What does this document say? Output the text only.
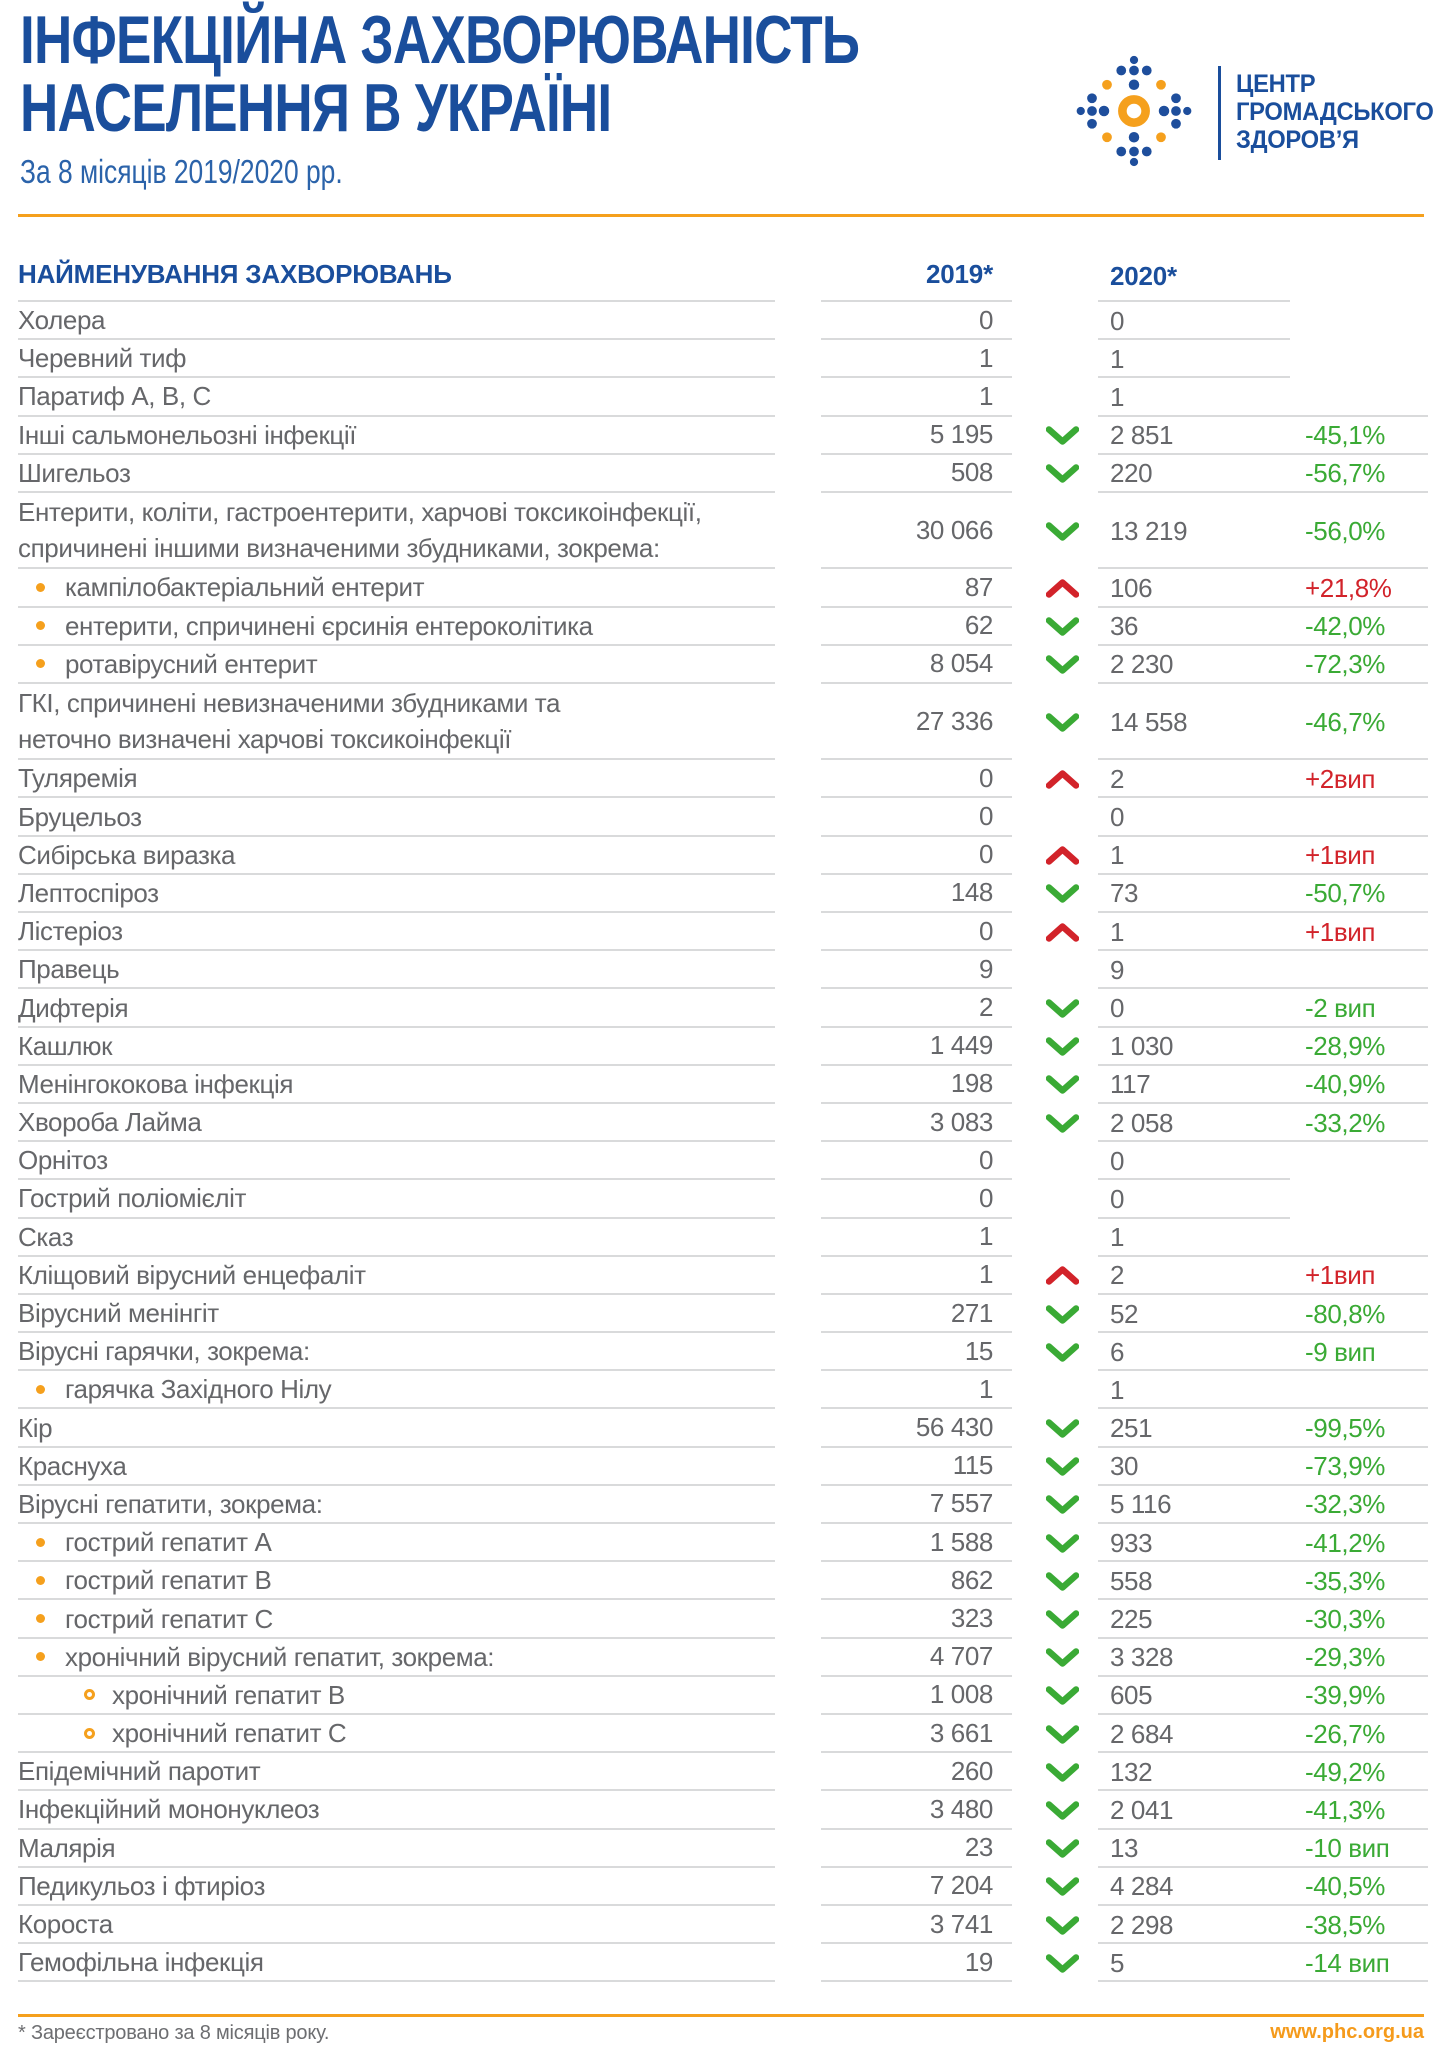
ІНФЕКЦІЙНА ЗАХВОРЮВАНІСТЬ
НАСЕЛЕННЯ В УКРАЇНІ
За 8 місяців 2019/2020 рр.
ЦЕНТР
ГРОМАДСЬКОГО
ЗДОРОВ’Я
НАЙМЕНУВАННЯ ЗАХВОРЮВАНЬ	2019*	2020*
Холера	0	0
Черевний тиф	1	1
Паратиф А, В, С	1	1
Інші сальмонельозні інфекції	5 195	2 851	-45,1%
Шигельоз	508	220	-56,7%
Ентерити, коліти, гастроентерити, харчові токсикоінфекції,
спричинені іншими визначеними збудниками, зокрема:
30 066	13 219	-56,0%
кампілобактеріальний ентерит	87	106	+21,8%
ентерити, спричинені єрсинія ентероколітика	62	36	-42,0%
ротавірусний ентерит	8 054	2 230	-72,3%
ГКІ, спричинені невизначеними збудниками та
неточно визначені харчові токсикоінфекції
27 336	14 558	-46,7%
Туляремія	0	2	+2вип
Бруцельоз	0	0
Сибірська виразка	0	1	+1вип
Лептоспіроз	148	73	-50,7%
Лістеріоз	0	1	+1вип
Правець	9	9
Дифтерія	2	0	-2 вип
Кашлюк	1 449	1 030	-28,9%
Менінгококова інфекція	198	117	-40,9%
Хвороба Лайма	3 083	2 058	-33,2%
Орнітоз	0	0
Гострий поліомієліт	0	0
Сказ	1	1
Кліщовий вірусний енцефаліт	1	2	+1вип
Вірусний менінгіт	271	52	-80,8%
Вірусні гарячки, зокрема:	15	6	-9 вип
гарячка Західного Нілу	1	1
Кір	56 430	251	-99,5%
Краснуха	115	30	-73,9%
Вірусні гепатити, зокрема:	7 557	5 116	-32,3%
гострий гепатит А	1 588	933	-41,2%
гострий гепатит В	862	558	-35,3%
гострий гепатит С	323	225	-30,3%
хронічний вірусний гепатит, зокрема:	4 707	3 328	-29,3%
хронічний гепатит В	1 008	605	-39,9%
хронічний гепатит С	3 661	2 684	-26,7%
Епідемічний паротит	260	132	-49,2%
Інфекційний мононуклеоз	3 480	2 041	-41,3%
Малярія	23	13	-10 вип
Педикульоз і фтиріоз	7 204	4 284	-40,5%
Короста	3 741	2 298	-38,5%
Гемофільна інфекція	19	5	-14 вип
* Зареєстровано за 8 місяців року.	www.phc.org.ua
